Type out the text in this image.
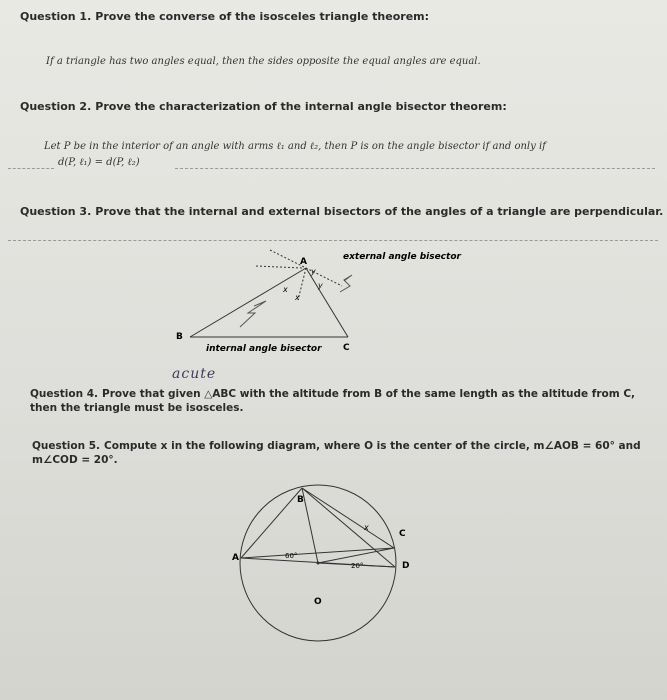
Question 1. Prove the converse of the isosceles triangle theorem:
If a triangle has two angles equal, then the sides opposite the equal angles are equal.
Question 2. Prove the characterization of the internal angle bisector theorem:
Let P be in the interior of an angle with arms ℓ₁ and ℓ₂, then P is on the angle bisector if and only if
d(P, ℓ₁) = d(P, ℓ₂)
Question 3. Prove that the internal and external bisectors of the angles of a triangle are perpendicular.
A
B
C
x
x
y
y
external angle bisector
internal angle bisector
B
A
C
D
O
x
60°
20°
acute
Question 4. Prove that given △ABC with the altitude from B of the same length as the altitude from C,
then the triangle must be isosceles.
Question 5. Compute x in the following diagram, where O is the center of the circle, m∠AOB = 60° and
m∠COD = 20°.
